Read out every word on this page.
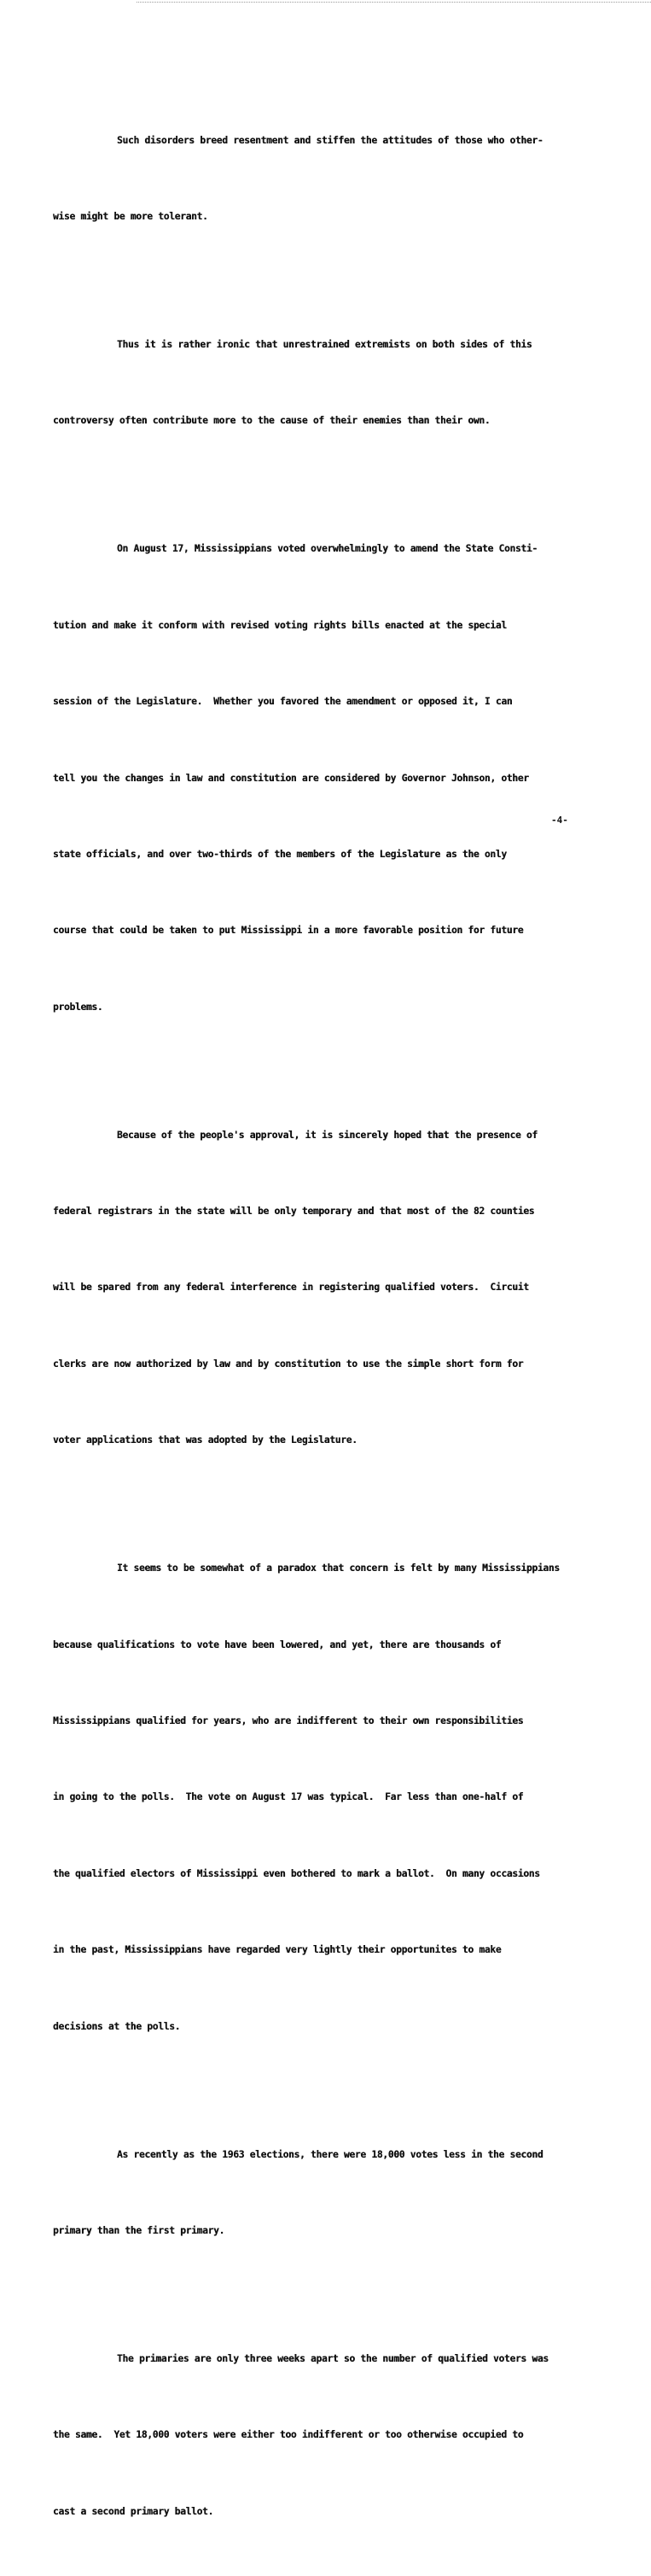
Such disorders breed resentment and stiffen the attitudes of those who other-

wise might be more tolerant.

Thus it is rather ironic that unrestrained extremists on both sides of this

controversy often contribute more to the cause of their enemies than their own.

On August 17, Mississippians voted overwhelmingly to amend the State Consti-

tution and make it conform with revised voting rights bills enacted at the special

session of the Legislature.  Whether you favored the amendment or opposed it, I can

tell you the changes in law and constitution are considered by Governor Johnson, other

state officials, and over two-thirds of the members of the Legislature as the only

course that could be taken to put Mississippi in a more favorable position for future

problems.

Because of the people's approval, it is sincerely hoped that the presence of

federal registrars in the state will be only temporary and that most of the 82 counties

will be spared from any federal interference in registering qualified voters.  Circuit

clerks are now authorized by law and by constitution to use the simple short form for

voter applications that was adopted by the Legislature.

It seems to be somewhat of a paradox that concern is felt by many Mississippians

because qualifications to vote have been lowered, and yet, there are thousands of

Mississippians qualified for years, who are indifferent to their own responsibilities

in going to the polls.  The vote on August 17 was typical.  Far less than one-half of

the qualified electors of Mississippi even bothered to mark a ballot.  On many occasions

in the past, Mississippians have regarded very lightly their opportunites to make

decisions at the polls.

As recently as the 1963 elections, there were 18,000 votes less in the second

primary than the first primary.

The primaries are only three weeks apart so the number of qualified voters was

the same.  Yet 18,000 voters were either too indifferent or too otherwise occupied to

cast a second primary ballot.

-4-
